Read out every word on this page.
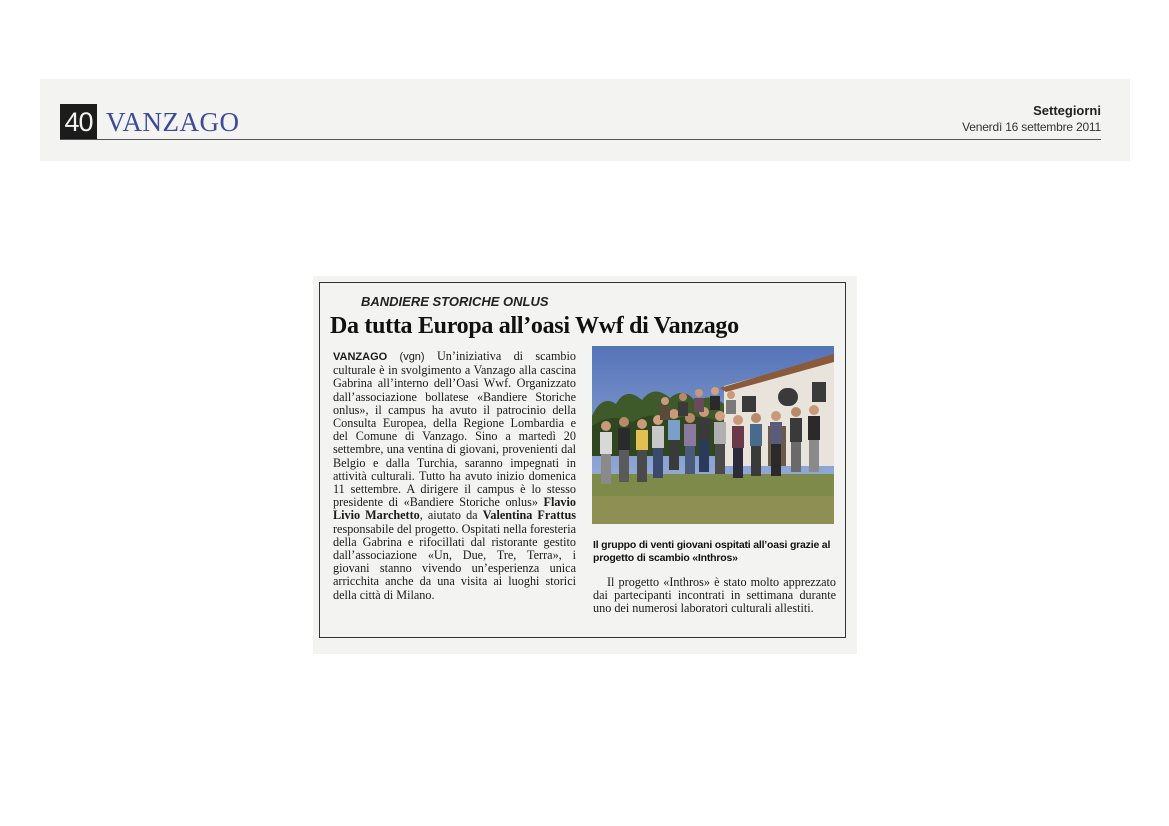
40 VANZAGO	Settegiorni
Venerdì 16 settembre 2011
BANDIERE STORICHE ONLUS
Da tutta Europa all’oasi Wwf di Vanzago
VANZAGO (vgn) Un’iniziativa di scambio culturale è in svolgimento a Vanzago alla cascina Gabrina all’interno dell’Oasi Wwf. Organizzato dall’associazione bollatese «Bandiere Storiche onlus», il campus ha avuto il patrocinio della Consulta Europea, della Regione Lombardia e del Comune di Vanzago. Sino a martedì 20 settembre, una ventina di giovani, provenienti dal Belgio e dalla Turchia, saranno impegnati in attività culturali. Tutto ha avuto inizio domenica 11 settembre. A dirigere il campus è lo stesso presidente di «Bandiere Storiche onlus» Flavio Livio Marchetto, aiutato da Valentina Frattus responsabile del progetto. Ospitati nella foresteria della Gabrina e rifocillati dal ristorante gestito dall’associazione «Un, Due, Tre, Terra», i giovani stanno vivendo un’esperienza unica arricchita anche da una visita ai luoghi storici della città di Milano.
Il gruppo di venti giovani ospitati all’oasi grazie al progetto di scambio «Inthros»
Il progetto «Inthros» è stato molto apprezzato dai partecipanti incontrati in settimana durante uno dei numerosi laboratori culturali allestiti.
